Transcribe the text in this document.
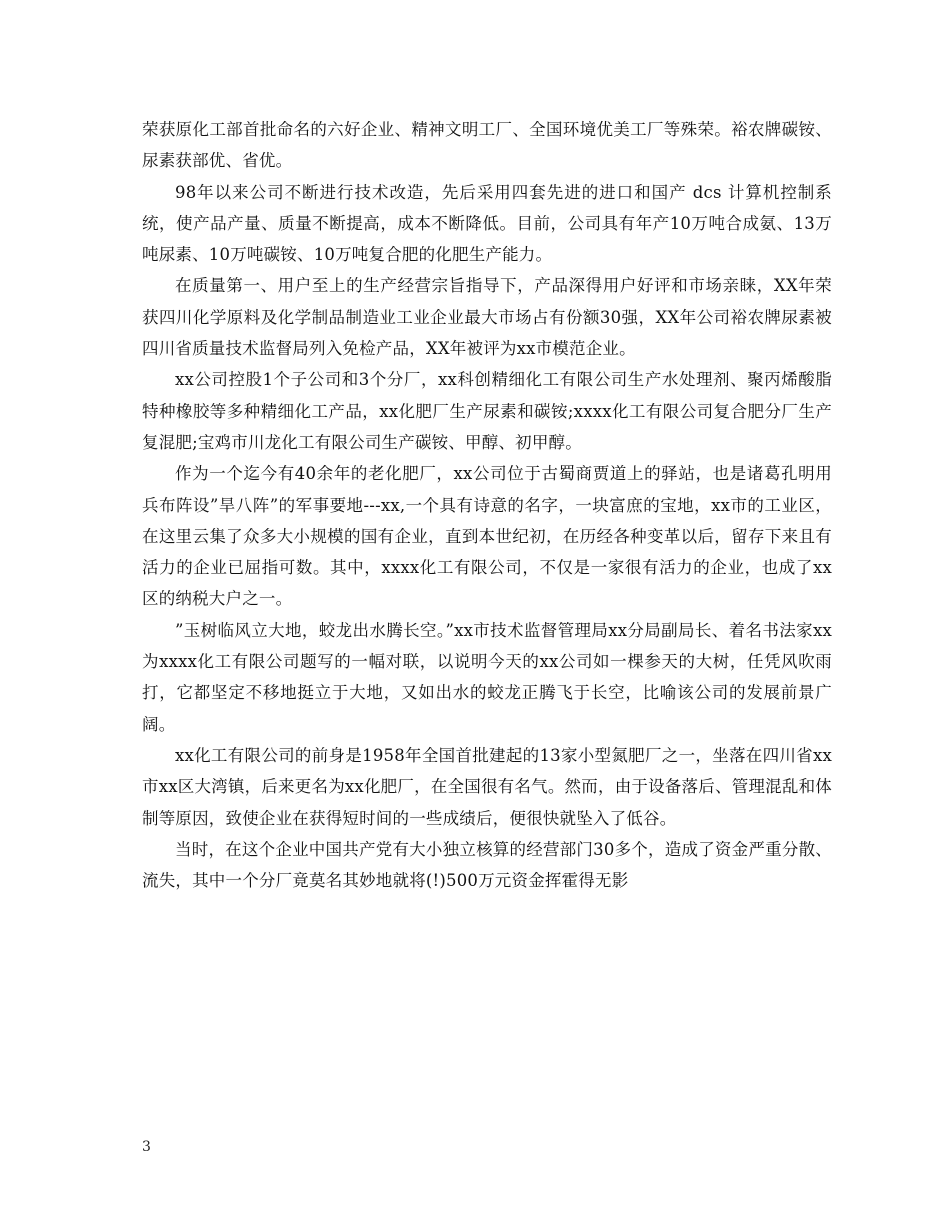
荣获原化工部首批命名的六好企业、精神文明工厂、全国环境优美工厂等殊荣。裕农牌碳铵、尿素获部优、省优。

98年以来公司不断进行技术改造，先后采用四套先进的进口和国产 dcs 计算机控制系统，使产品产量、质量不断提高，成本不断降低。目前，公司具有年产10万吨合成氨、13万吨尿素、10万吨碳铵、10万吨复合肥的化肥生产能力。

在质量第一、用户至上的生产经营宗旨指导下，产品深得用户好评和市场亲睐，XX年荣获四川化学原料及化学制品制造业工业企业最大市场占有份额30强，XX年公司裕农牌尿素被四川省质量技术监督局列入免检产品，XX年被评为xx市模范企业。

xx公司控股1个子公司和3个分厂，xx科创精细化工有限公司生产水处理剂、聚丙烯酸脂特种橡胶等多种精细化工产品，xx化肥厂生产尿素和碳铵;xxxx化工有限公司复合肥分厂生产复混肥;宝鸡市川龙化工有限公司生产碳铵、甲醇、初甲醇。

作为一个迄今有40余年的老化肥厂，xx公司位于古蜀商贾道上的驿站，也是诸葛孔明用兵布阵设”旱八阵”的军事要地---xx,一个具有诗意的名字，一块富庶的宝地，xx市的工业区，在这里云集了众多大小规模的国有企业，直到本世纪初，在历经各种变革以后，留存下来且有活力的企业已屈指可数。其中，xxxx化工有限公司，不仅是一家很有活力的企业，也成了xx区的纳税大户之一。

”玉树临风立大地，蛟龙出水腾长空。”xx市技术监督管理局xx分局副局长、着名书法家xx为xxxx化工有限公司题写的一幅对联，以说明今天的xx公司如一棵参天的大树，任凭风吹雨打，它都坚定不移地挺立于大地，又如出水的蛟龙正腾飞于长空，比喻该公司的发展前景广阔。

xx化工有限公司的前身是1958年全国首批建起的13家小型氮肥厂之一，坐落在四川省xx市xx区大湾镇，后来更名为xx化肥厂，在全国很有名气。然而，由于设备落后、管理混乱和体制等原因，致使企业在获得短时间的一些成绩后，便很快就坠入了低谷。

当时，在这个企业中国共产党有大小独立核算的经营部门30多个，造成了资金严重分散、流失，其中一个分厂竟莫名其妙地就将(!)500万元资金挥霍得无影

3
